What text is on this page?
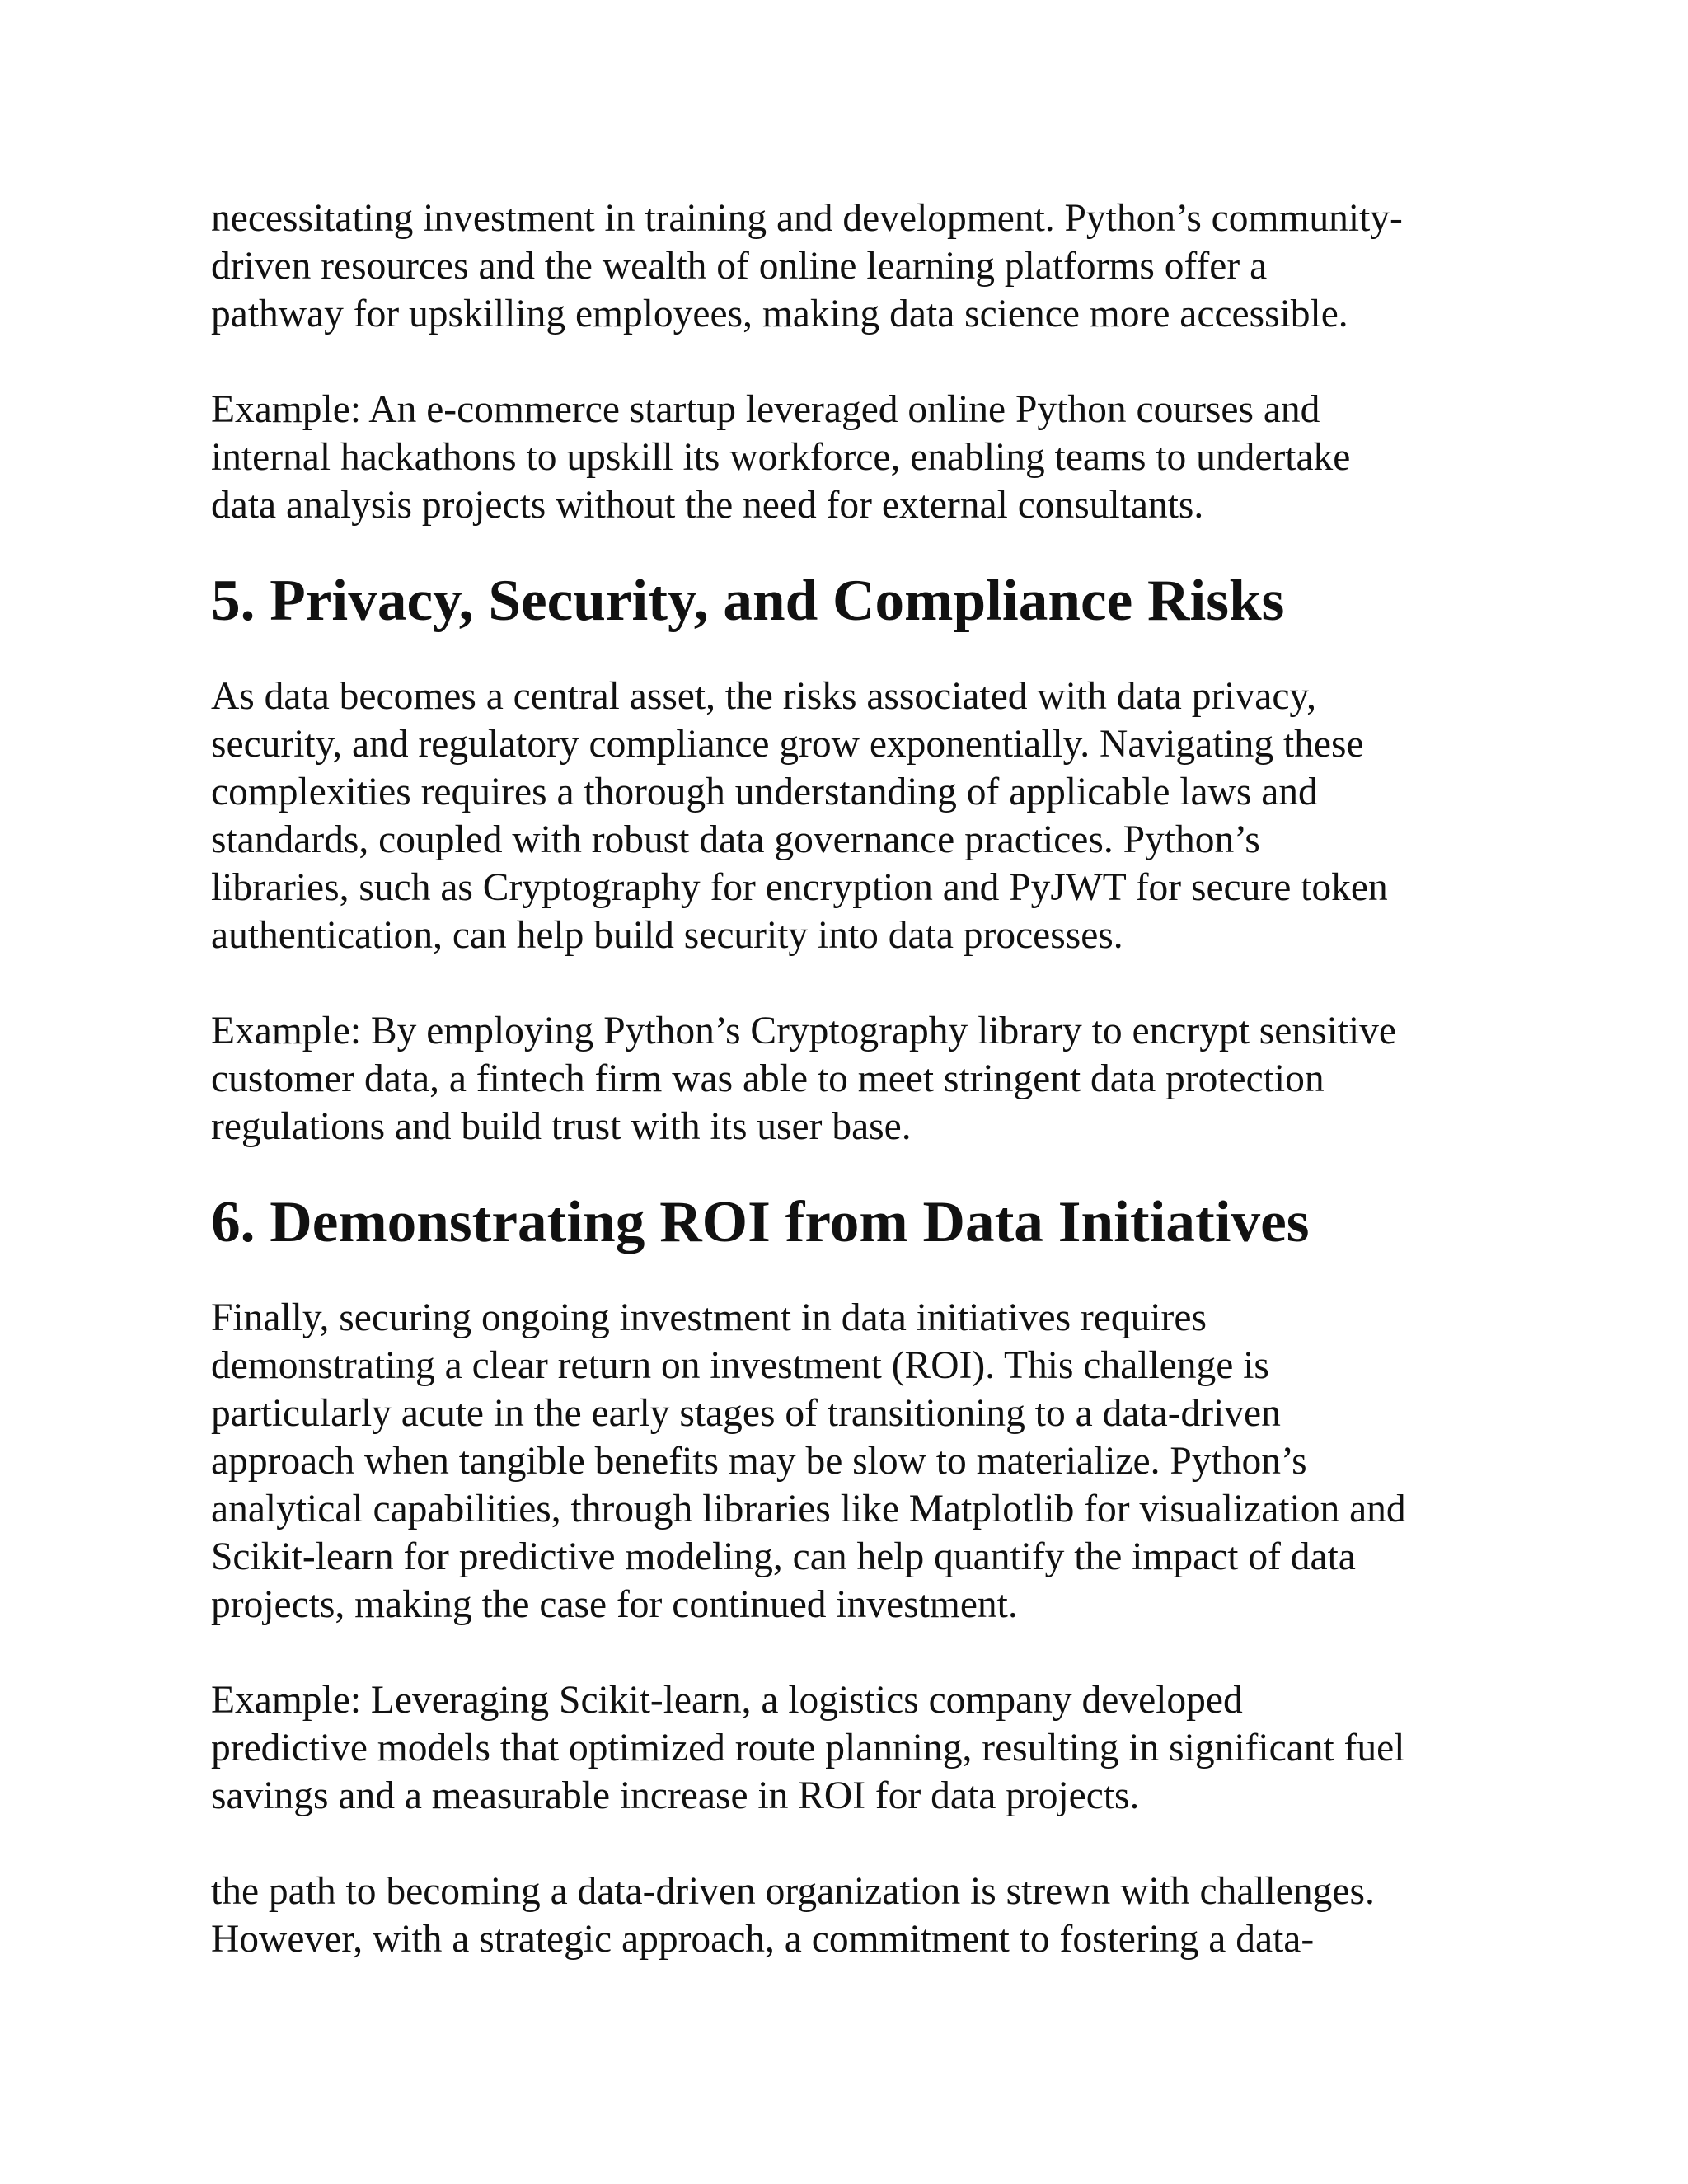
necessitating investment in training and development. Python’s community-
driven resources and the wealth of online learning platforms offer a
pathway for upskilling employees, making data science more accessible.

Example: An e-commerce startup leveraged online Python courses and
internal hackathons to upskill its workforce, enabling teams to undertake
data analysis projects without the need for external consultants.

5. Privacy, Security, and Compliance Risks

As data becomes a central asset, the risks associated with data privacy,
security, and regulatory compliance grow exponentially. Navigating these
complexities requires a thorough understanding of applicable laws and
standards, coupled with robust data governance practices. Python’s
libraries, such as Cryptography for encryption and PyJWT for secure token
authentication, can help build security into data processes.

Example: By employing Python’s Cryptography library to encrypt sensitive
customer data, a fintech firm was able to meet stringent data protection
regulations and build trust with its user base.

6. Demonstrating ROI from Data Initiatives

Finally, securing ongoing investment in data initiatives requires
demonstrating a clear return on investment (ROI). This challenge is
particularly acute in the early stages of transitioning to a data-driven
approach when tangible benefits may be slow to materialize. Python’s
analytical capabilities, through libraries like Matplotlib for visualization and
Scikit-learn for predictive modeling, can help quantify the impact of data
projects, making the case for continued investment.

Example: Leveraging Scikit-learn, a logistics company developed
predictive models that optimized route planning, resulting in significant fuel
savings and a measurable increase in ROI for data projects.

the path to becoming a data-driven organization is strewn with challenges.
However, with a strategic approach, a commitment to fostering a data-
